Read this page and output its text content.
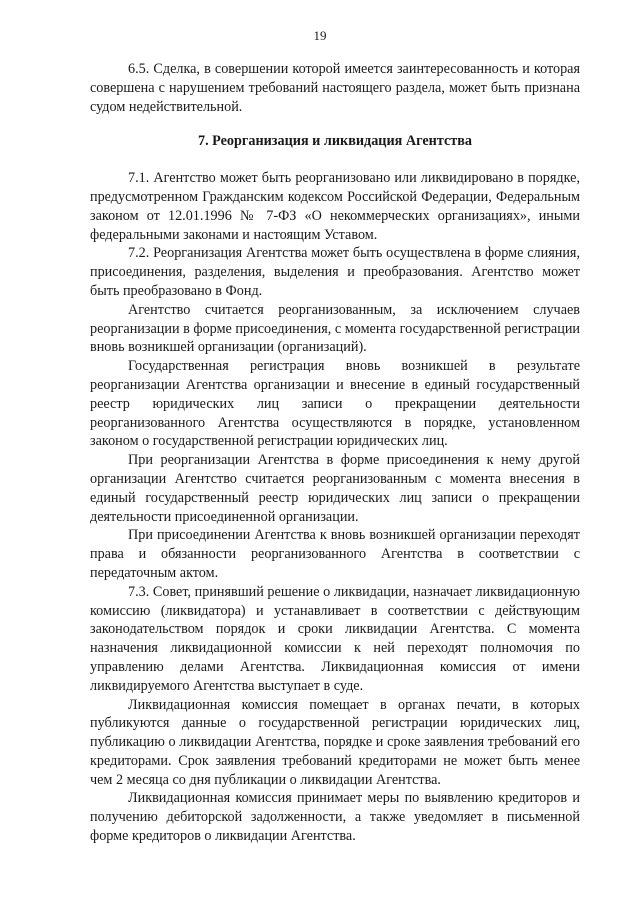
19

6.5. Сделка, в совершении которой имеется заинтересованность и которая совершена с нарушением требований настоящего раздела, может быть признана судом недействительной.

7. Реорганизация и ликвидация Агентства

7.1. Агентство может быть реорганизовано или ликвидировано в порядке, предусмотренном Гражданским кодексом Российской Федерации, Федеральным законом от 12.01.1996 № 7-ФЗ «О некоммерческих организациях», иными федеральными законами и настоящим Уставом.

7.2. Реорганизация Агентства может быть осуществлена в форме слияния, присоединения, разделения, выделения и преобразования. Агентство может быть преобразовано в Фонд.

Агентство считается реорганизованным, за исключением случаев реорганизации в форме присоединения, с момента государственной регистрации вновь возникшей организации (организаций).

Государственная регистрация вновь возникшей в результате реорганизации Агентства организации и внесение в единый государственный реестр юридических лиц записи о прекращении деятельности реорганизованного Агентства осуществляются в порядке, установленном законом о государственной регистрации юридических лиц.

При реорганизации Агентства в форме присоединения к нему другой организации Агентство считается реорганизованным с момента внесения в единый государственный реестр юридических лиц записи о прекращении деятельности присоединенной организации.

При присоединении Агентства к вновь возникшей организации переходят права и обязанности реорганизованного Агентства в соответствии с передаточным актом.

7.3. Совет, принявший решение о ликвидации, назначает ликвидационную комиссию (ликвидатора) и устанавливает в соответствии с действующим законодательством порядок и сроки ликвидации Агентства. С момента назначения ликвидационной комиссии к ней переходят полномочия по управлению делами Агентства. Ликвидационная комиссия от имени ликвидируемого Агентства выступает в суде.

Ликвидационная комиссия помещает в органах печати, в которых публикуются данные о государственной регистрации юридических лиц, публикацию о ликвидации Агентства, порядке и сроке заявления требований его кредиторами. Срок заявления требований кредиторами не может быть менее чем 2 месяца со дня публикации о ликвидации Агентства.

Ликвидационная комиссия принимает меры по выявлению кредиторов и получению дебиторской задолженности, а также уведомляет в письменной форме кредиторов о ликвидации Агентства.
